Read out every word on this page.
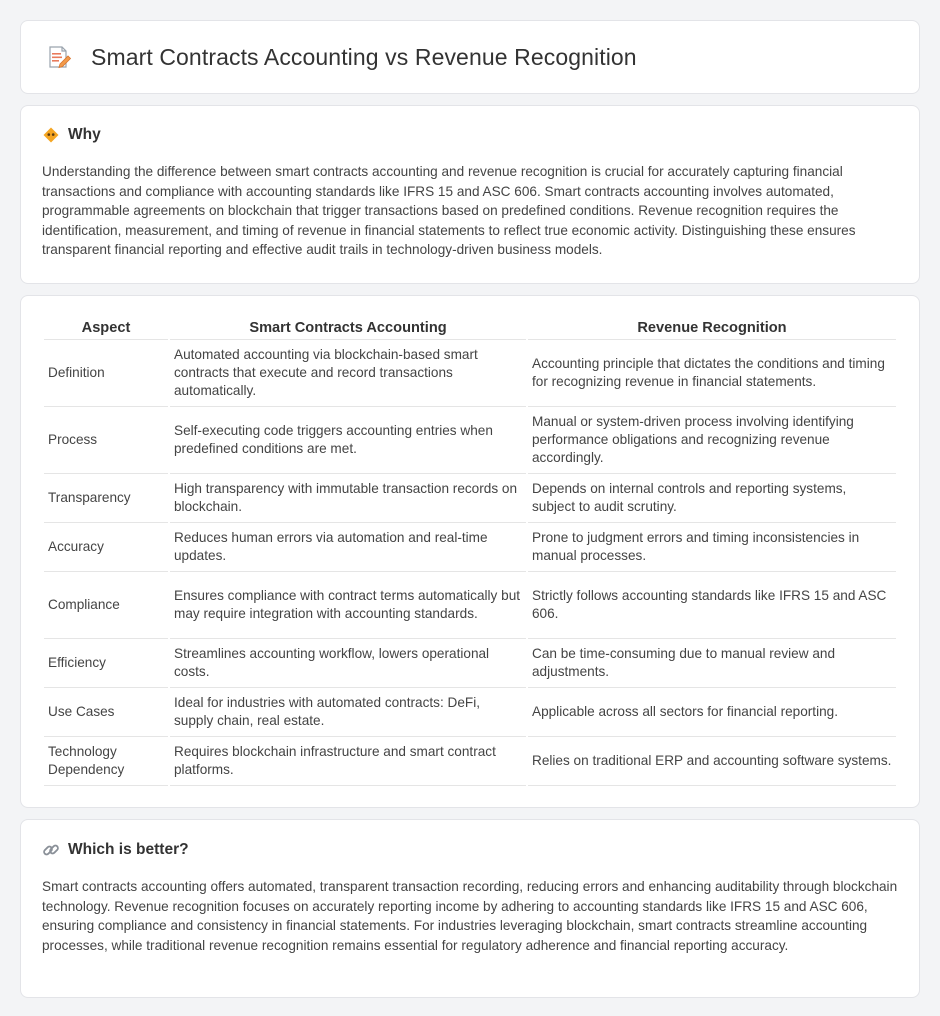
Smart Contracts Accounting vs Revenue Recognition
Why

Understanding the difference between smart contracts accounting and revenue recognition is crucial for accurately capturing financial transactions and compliance with accounting standards like IFRS 15 and ASC 606. Smart contracts accounting involves automated, programmable agreements on blockchain that trigger transactions based on predefined conditions. Revenue recognition requires the identification, measurement, and timing of revenue in financial statements to reflect true economic activity. Distinguishing these ensures transparent financial reporting and effective audit trails in technology-driven business models.

Aspect	Smart Contracts Accounting	Revenue Recognition
Definition	Automated accounting via blockchain-based smart contracts that execute and record transactions automatically.	Accounting principle that dictates the conditions and timing for recognizing revenue in financial statements.
Process	Self-executing code triggers accounting entries when predefined conditions are met.	Manual or system-driven process involving identifying performance obligations and recognizing revenue accordingly.
Transparency	High transparency with immutable transaction records on blockchain.	Depends on internal controls and reporting systems, subject to audit scrutiny.
Accuracy	Reduces human errors via automation and real-time updates.	Prone to judgment errors and timing inconsistencies in manual processes.
Compliance	Ensures compliance with contract terms automatically but may require integration with accounting standards.	Strictly follows accounting standards like IFRS 15 and ASC 606.
Efficiency	Streamlines accounting workflow, lowers operational costs.	Can be time-consuming due to manual review and adjustments.
Use Cases	Ideal for industries with automated contracts: DeFi, supply chain, real estate.	Applicable across all sectors for financial reporting.
Technology Dependency	Requires blockchain infrastructure and smart contract platforms.	Relies on traditional ERP and accounting software systems.
Which is better?

Smart contracts accounting offers automated, transparent transaction recording, reducing errors and enhancing auditability through blockchain technology. Revenue recognition focuses on accurately reporting income by adhering to accounting standards like IFRS 15 and ASC 606, ensuring compliance and consistency in financial statements. For industries leveraging blockchain, smart contracts streamline accounting processes, while traditional revenue recognition remains essential for regulatory adherence and financial reporting accuracy.
